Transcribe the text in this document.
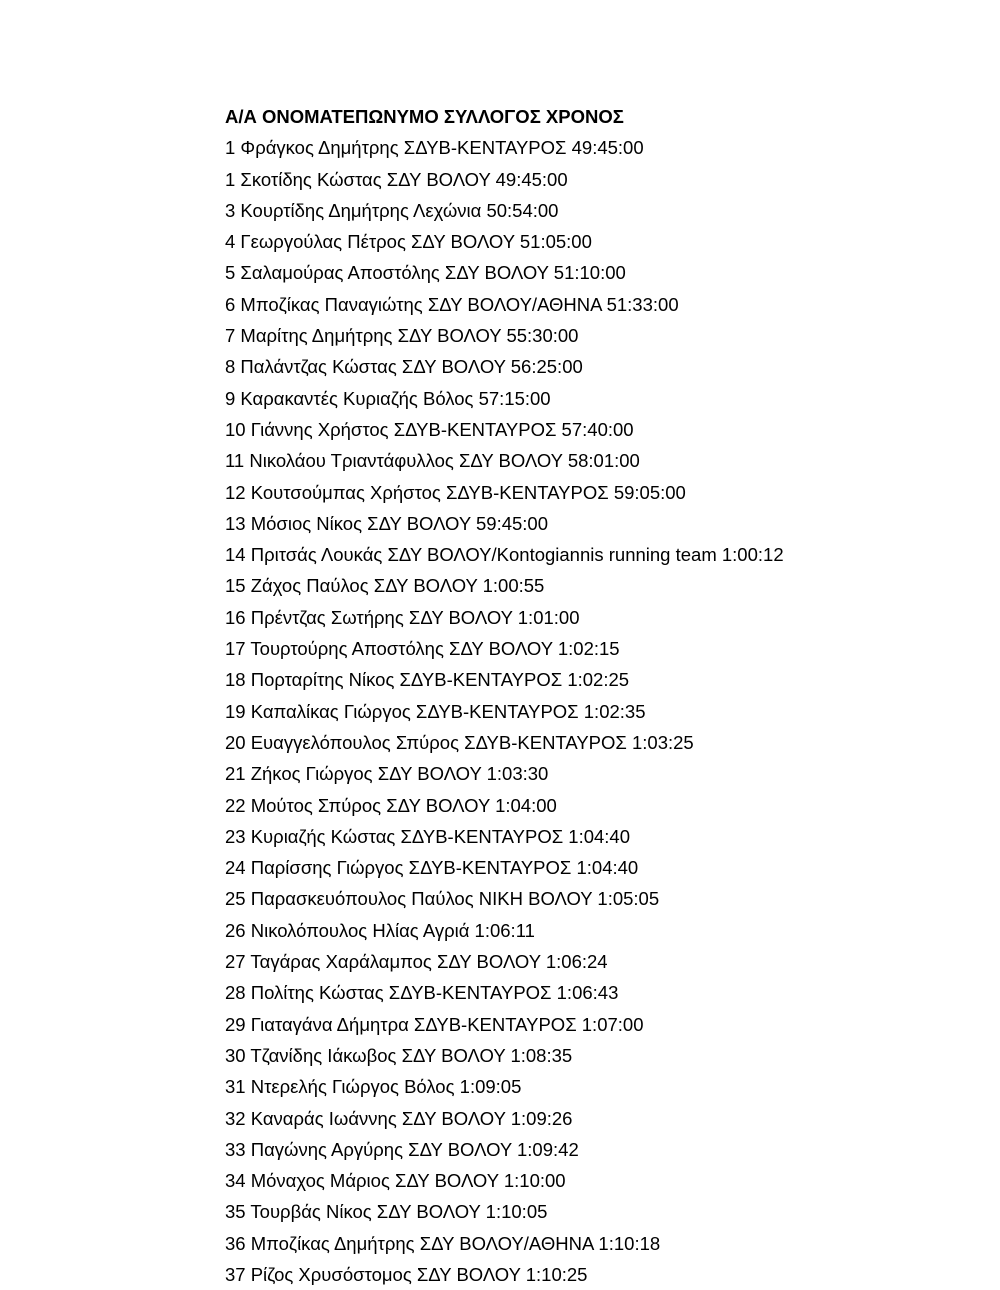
Α/Α ΟΝΟΜΑΤΕΠΩΝΥΜΟ ΣΥΛΛΟΓΟΣ ΧΡΟΝΟΣ
1 Φράγκος Δημήτρης ΣΔΥΒ-ΚΕΝΤΑΥΡΟΣ 49:45:00
1 Σκοτίδης Κώστας ΣΔΥ ΒΟΛΟΥ 49:45:00
3 Κουρτίδης Δημήτρης Λεχώνια 50:54:00
4 Γεωργούλας Πέτρος ΣΔΥ ΒΟΛΟΥ 51:05:00
5 Σαλαμούρας Αποστόλης ΣΔΥ ΒΟΛΟΥ 51:10:00
6 Μποζίκας Παναγιώτης ΣΔΥ ΒΟΛΟΥ/ΑΘΗΝΑ 51:33:00
7 Μαρίτης Δημήτρης ΣΔΥ ΒΟΛΟΥ 55:30:00
8 Παλάντζας Κώστας ΣΔΥ ΒΟΛΟΥ 56:25:00
9 Καρακαντές Κυριαζής Βόλος 57:15:00
10 Γιάννης Χρήστος ΣΔΥΒ-ΚΕΝΤΑΥΡΟΣ 57:40:00
11 Νικολάου Τριαντάφυλλος ΣΔΥ ΒΟΛΟΥ 58:01:00
12 Κουτσούμπας Χρήστος ΣΔΥΒ-ΚΕΝΤΑΥΡΟΣ 59:05:00
13 Μόσιος Νίκος ΣΔΥ ΒΟΛΟΥ 59:45:00
14 Πριτσάς Λουκάς ΣΔΥ ΒΟΛΟΥ/Kontogiannis running team 1:00:12
15 Ζάχος Παύλος ΣΔΥ ΒΟΛΟΥ 1:00:55
16 Πρέντζας Σωτήρης ΣΔΥ ΒΟΛΟΥ 1:01:00
17 Τουρτούρης Αποστόλης ΣΔΥ ΒΟΛΟΥ 1:02:15
18 Πορταρίτης Νίκος ΣΔΥΒ-ΚΕΝΤΑΥΡΟΣ 1:02:25
19 Καπαλίκας Γιώργος ΣΔΥΒ-ΚΕΝΤΑΥΡΟΣ 1:02:35
20 Ευαγγελόπουλος Σπύρος ΣΔΥΒ-ΚΕΝΤΑΥΡΟΣ 1:03:25
21 Ζήκος Γιώργος ΣΔΥ ΒΟΛΟΥ 1:03:30
22 Μούτος Σπύρος ΣΔΥ ΒΟΛΟΥ 1:04:00
23 Κυριαζής Κώστας ΣΔΥΒ-ΚΕΝΤΑΥΡΟΣ 1:04:40
24 Παρίσσης Γιώργος ΣΔΥΒ-ΚΕΝΤΑΥΡΟΣ 1:04:40
25 Παρασκευόπουλος Παύλος ΝΙΚΗ ΒΟΛΟΥ 1:05:05
26 Νικολόπουλος Ηλίας Αγριά 1:06:11
27 Ταγάρας Χαράλαμπος ΣΔΥ ΒΟΛΟΥ 1:06:24
28 Πολίτης Κώστας ΣΔΥΒ-ΚΕΝΤΑΥΡΟΣ 1:06:43
29 Γιαταγάνα Δήμητρα ΣΔΥΒ-ΚΕΝΤΑΥΡΟΣ 1:07:00
30 Τζανίδης Ιάκωβος ΣΔΥ ΒΟΛΟΥ 1:08:35
31 Ντερελής Γιώργος Βόλος 1:09:05
32 Καναράς Ιωάννης ΣΔΥ ΒΟΛΟΥ 1:09:26
33 Παγώνης Αργύρης ΣΔΥ ΒΟΛΟΥ 1:09:42
34 Μόναχος Μάριος ΣΔΥ ΒΟΛΟΥ 1:10:00
35 Τουρβάς Νίκος ΣΔΥ ΒΟΛΟΥ 1:10:05
36 Μποζίκας Δημήτρης ΣΔΥ ΒΟΛΟΥ/ΑΘΗΝΑ 1:10:18
37 Ρίζος Χρυσόστομος ΣΔΥ ΒΟΛΟΥ 1:10:25
